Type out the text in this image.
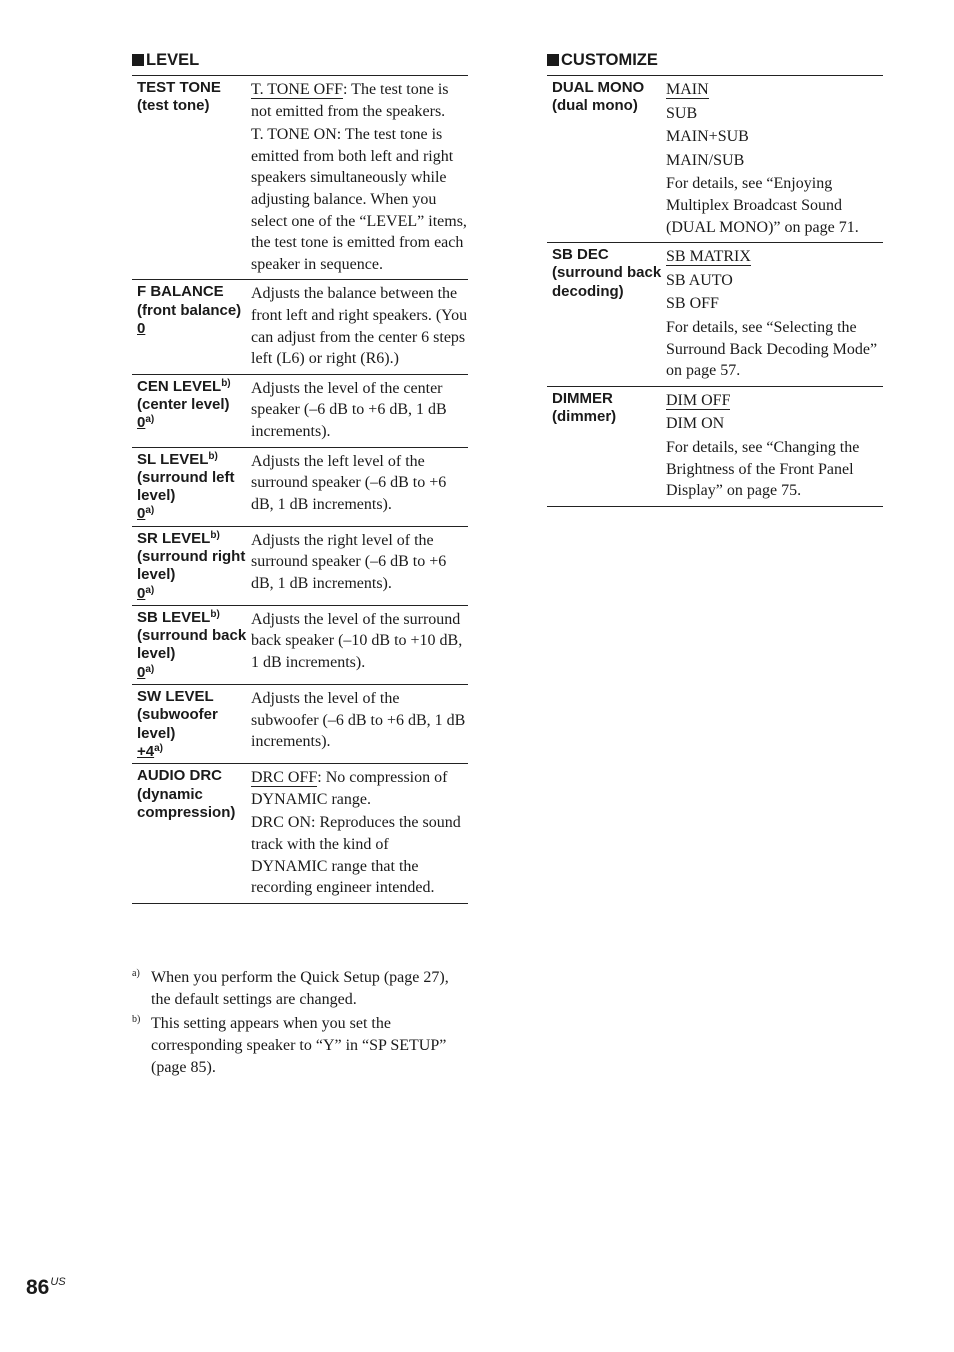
LEVEL
TEST TONE
(test tone)

T. TONE OFF: The test tone is not emitted from the speakers.

T. TONE ON: The test tone is emitted from both left and right speakers simultaneously while adjusting balance. When you select one of the “LEVEL” items, the test tone is emitted from each speaker in sequence.

F BALANCE
(front balance)
0

Adjusts the balance between the front left and right speakers. (You can adjust from the center 6 steps left (L6) or right (R6).)

CEN LEVEL$^{b)}$
(center level)
0$^{a)}$

Adjusts the level of the center speaker (–6 dB to +6 dB, 1 dB increments).

SL LEVEL$^{b)}$
(surround left level)
0$^{a)}$

Adjusts the left level of the surround speaker (–6 dB to +6 dB, 1 dB increments).

SR LEVEL$^{b)}$
(surround right level)
0$^{a)}$

Adjusts the right level of the surround speaker (–6 dB to +6 dB, 1 dB increments).

SB LEVEL$^{b)}$
(surround back level)
0$^{a)}$

Adjusts the level of the surround back speaker (–10 dB to +10 dB, 1 dB increments).

SW LEVEL
(subwoofer level)
$+4^{a)}$

Adjusts the level of the subwoofer (–6 dB to +6 dB, 1 dB increments).

AUDIO DRC
(dynamic compression)

DRC OFF: No compression of DYNAMIC range.

DRC ON: Reproduces the sound track with the kind of DYNAMIC range that the recording engineer intended.

CUSTOMIZE
DUAL MONO
(dual mono)
MAIN
SUB
MAIN+SUB
MAIN/SUB

For details, see “Enjoying Multiplex Broadcast Sound (DUAL MONO)” on page 71.

SB DEC
(surround back decoding)
SB MATRIX
SB AUTO
SB OFF

For details, see “Selecting the Surround Back Decoding Mode” on page 57.

DIMMER
(dimmer)
DIM OFF
DIM ON

For details, see “Changing the Brightness of the Front Panel Display” on page 75.

a) When you perform the Quick Setup (page 27), the default settings are changed.
b) This setting appears when you set the corresponding speaker to “Y” in “SP SETUP” (page 85).
$86^{US}$
